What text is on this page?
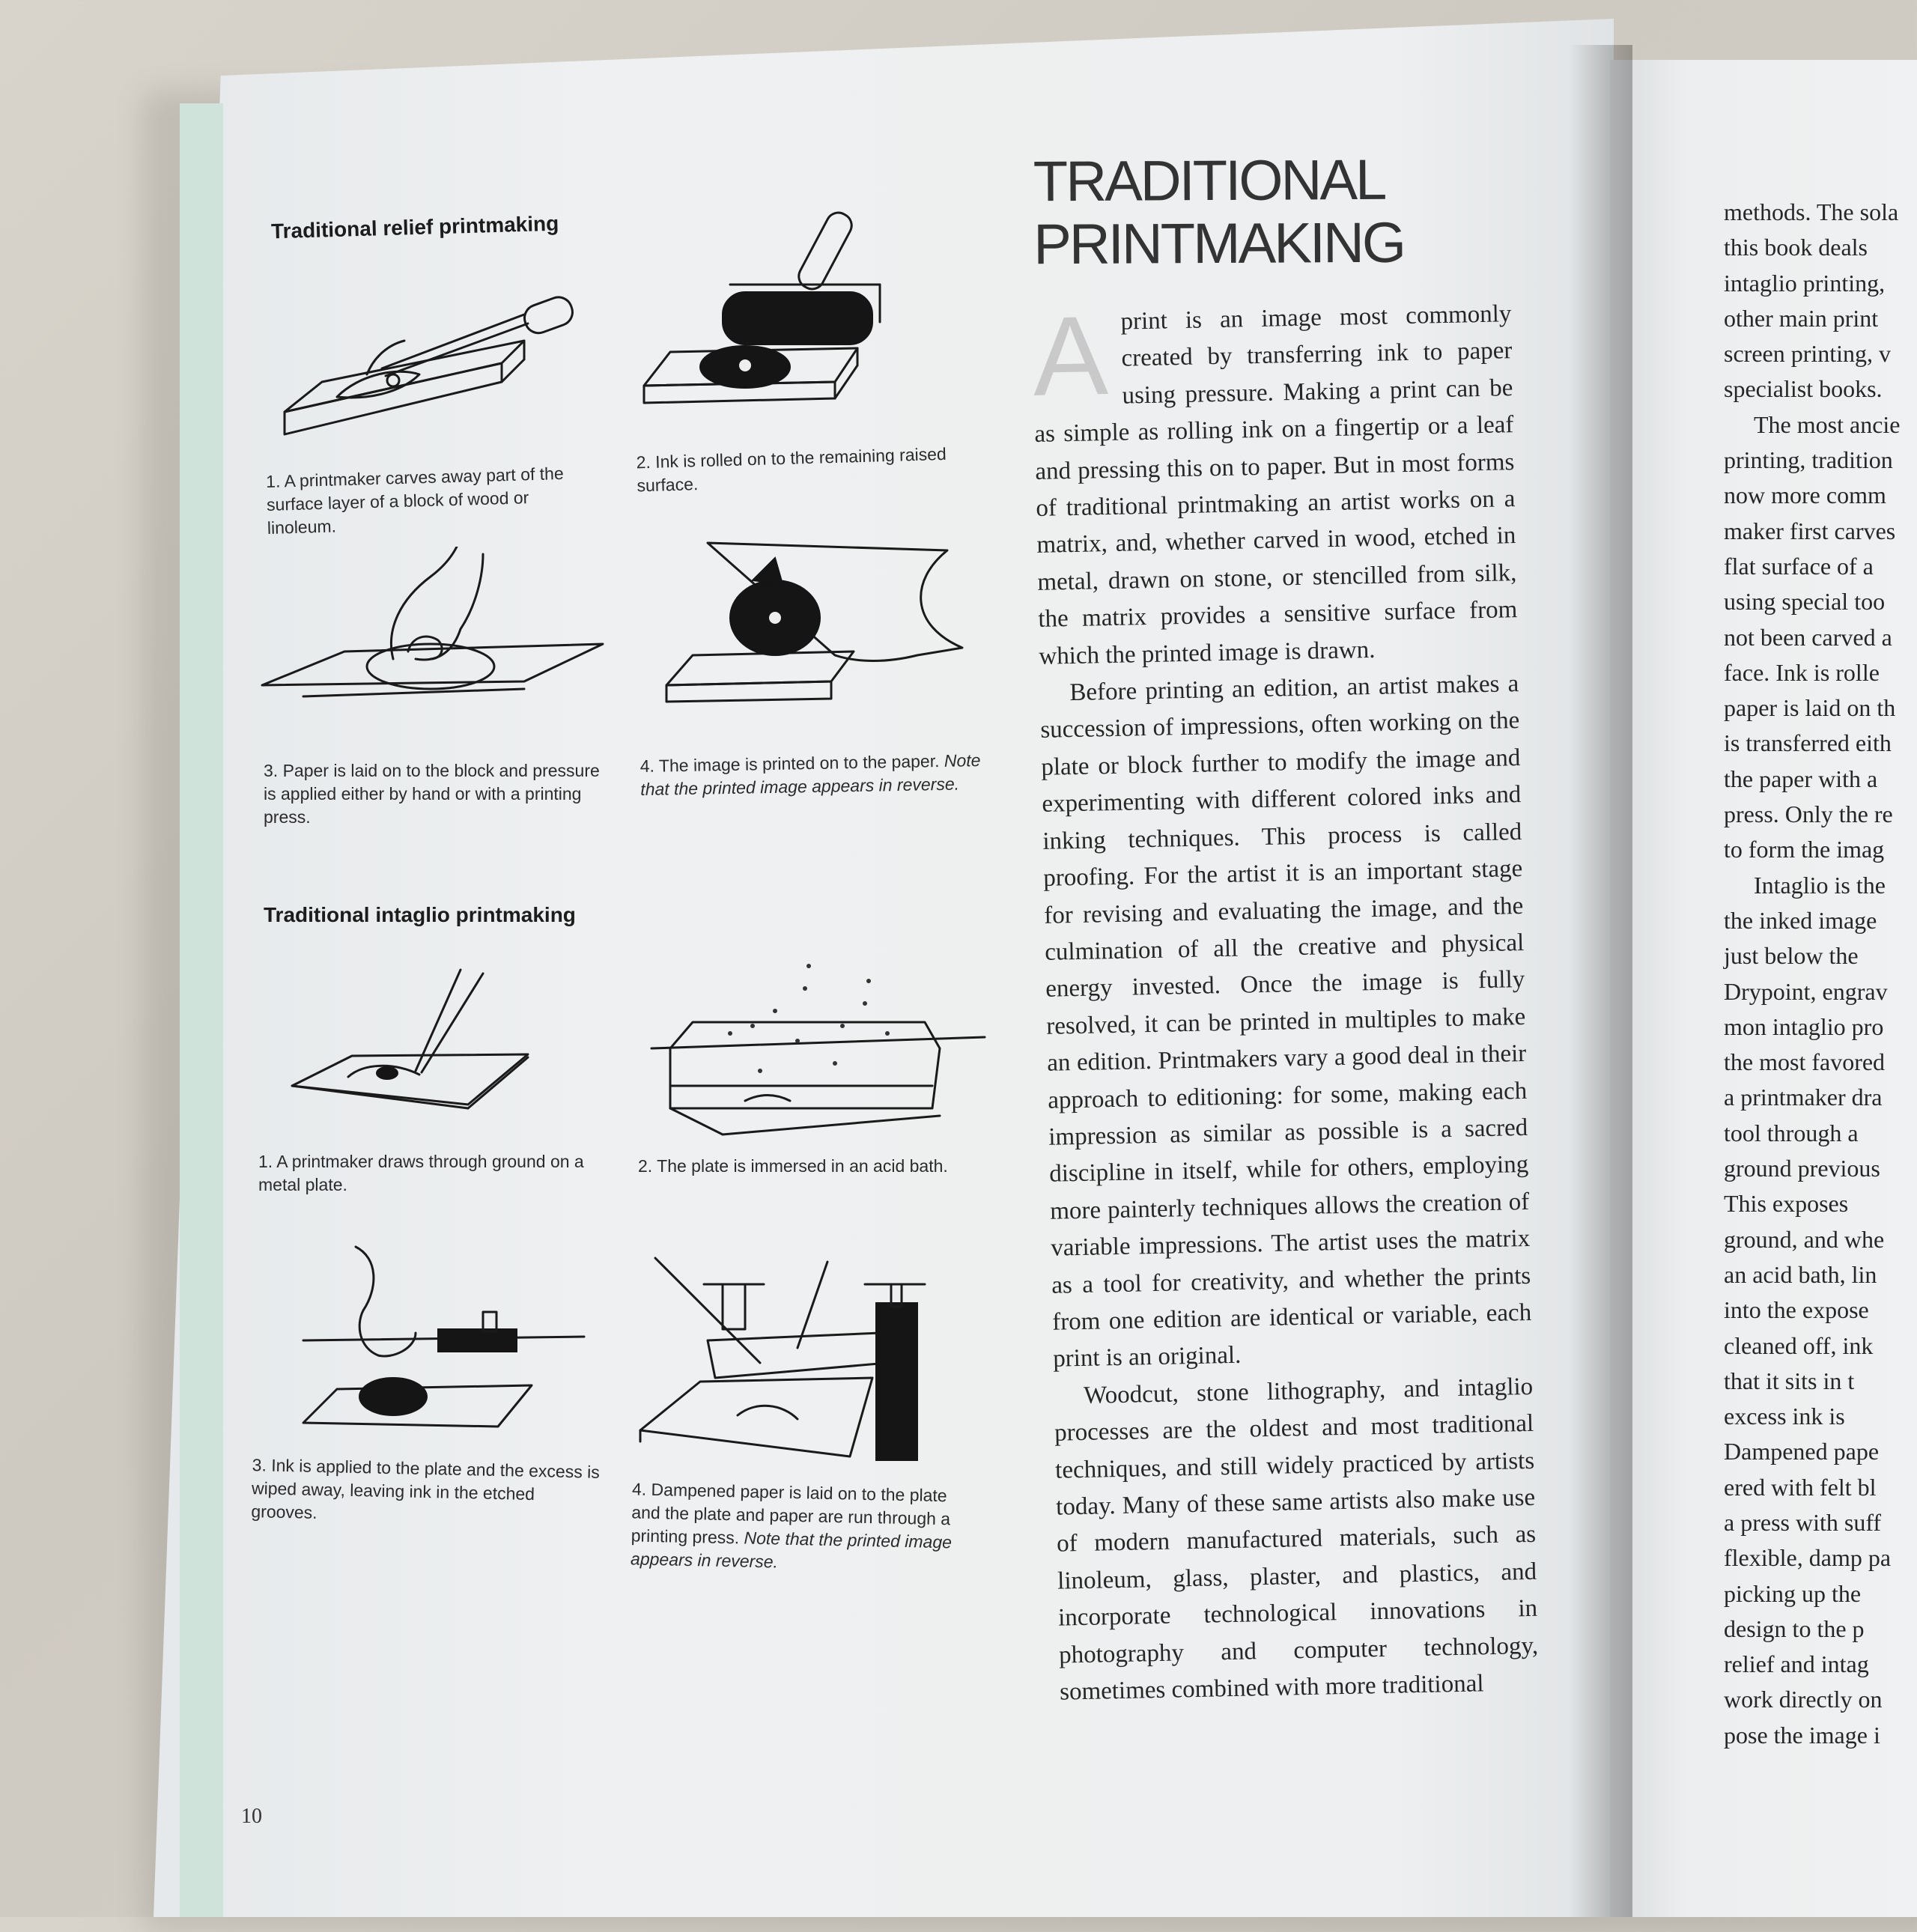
Traditional relief printmaking
1. A printmaker carves away part of the surface layer of a block of wood or linoleum.
2. Ink is rolled on to the remaining raised surface.
3. Paper is laid on to the block and pressure is applied either by hand or with a printing press.
4. The image is printed on to the paper. Note that the printed image appears in reverse.
Traditional intaglio printmaking
1. A printmaker draws through ground on a metal plate.
2. The plate is immersed in an acid bath.
3. Ink is applied to the plate and the excess is wiped away, leaving ink in the etched grooves.
4. Dampened paper is laid on to the plate and the plate and paper are run through a printing press. Note that the printed image appears in reverse.
10
TRADITIONAL
PRINTMAKING

Aprint is an image most commonly created by transferring ink to paper using pressure. Making a print can be as simple as rolling ink on a fingertip or a leaf and pressing this on to paper. But in most forms of traditional printmaking an artist works on a matrix, and, whether carved in wood, etched in metal, drawn on stone, or stencilled from silk, the matrix provides a sensitive surface from which the printed image is drawn.

Before printing an edition, an artist makes a succession of impressions, often working on the plate or block further to modify the image and experimenting with different colored inks and inking techniques. This process is called proofing. For the artist it is an important stage for revising and evaluating the image, and the culmination of all the creative and physical energy invested. Once the image is fully resolved, it can be printed in multiples to make an edition. Printmakers vary a good deal in their approach to editioning: for some, making each impression as similar as possible is a sacred discipline in itself, while for others, employing more painterly techniques allows the creation of variable impressions. The artist uses the matrix as a tool for creativity, and whether the prints from one edition are identical or variable, each print is an original.

Woodcut, stone lithography, and intaglio processes are the oldest and most traditional techniques, and still widely practiced by artists today. Many of these same artists also make use of modern manufactured materials, such as linoleum, glass, plaster, and plastics, and incorporate technological innovations in photography and computer technology, sometimes combined with more traditional

methods. The sola
this book deals
intaglio printing,
other main print
screen printing, v
specialist books.
The most ancie
printing, tradition
now more comm
maker first carves
flat surface of a
using special too
not been carved a
face. Ink is rolle
paper is laid on th
is transferred eith
the paper with a
press. Only the re
to form the imag
Intaglio is the
the inked image
just below the
Drypoint, engrav
mon intaglio pro
the most favored
a printmaker dra
tool through a
ground previous
This exposes
ground, and whe
an acid bath, lin
into the expose
cleaned off, ink
that it sits in t
excess ink is
Dampened pape
ered with felt bl
a press with suff
flexible, damp pa
picking up the
design to the p
relief and intag
work directly on
pose the image i
